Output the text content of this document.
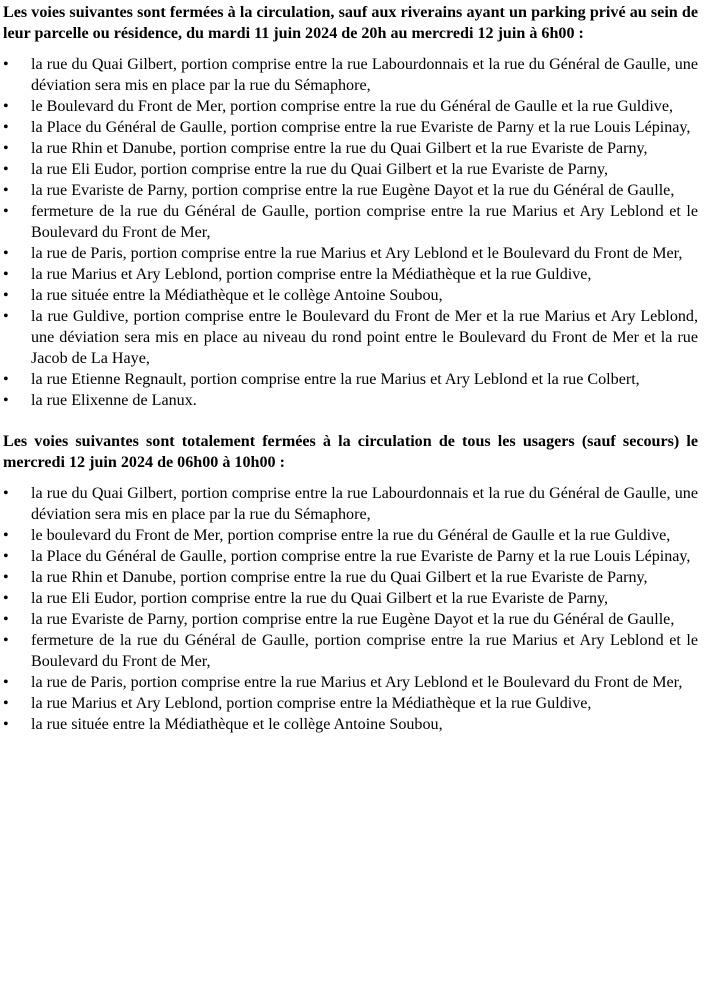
Les voies suivantes sont fermées à la circulation, sauf aux riverains ayant un parking privé au sein de leur parcelle ou résidence, du mardi 11 juin 2024 de 20h au mercredi 12 juin à 6h00 :

•	la rue du Quai Gilbert, portion comprise entre la rue Labourdonnais et la rue du Général de Gaulle, une déviation sera mis en place par la rue du Sémaphore,
•	le Boulevard du Front de Mer, portion comprise entre la rue du Général de Gaulle et la rue Guldive,
•	la Place du Général de Gaulle, portion comprise entre la rue Evariste de Parny et la rue Louis Lépinay,
•	la rue Rhin et Danube, portion comprise entre la rue du Quai Gilbert et la rue Evariste de Parny,
•	la rue Eli Eudor, portion comprise entre la rue du Quai Gilbert et la rue Evariste de Parny,
•	la rue Evariste de Parny, portion comprise entre la rue Eugène Dayot et la rue du Général de Gaulle,
•	fermeture de la rue du Général de Gaulle, portion comprise entre la rue Marius et Ary Leblond et le Boulevard du Front de Mer,
•	la rue de Paris, portion comprise entre la rue Marius et Ary Leblond et le Boulevard du Front de Mer,
•	la rue Marius et Ary Leblond, portion comprise entre la Médiathèque et la rue Guldive,
•	la rue située entre la Médiathèque et le collège Antoine Soubou,
•	la rue Guldive, portion comprise entre le Boulevard du Front de Mer et la rue Marius et Ary Leblond, une déviation sera mis en place au niveau du rond point entre le Boulevard du Front de Mer et la rue Jacob de La Haye,
•	la rue Etienne Regnault, portion comprise entre la rue Marius et Ary Leblond et la rue Colbert,
•	la rue Elixenne de Lanux.

Les voies suivantes sont totalement fermées à la circulation de tous les usagers (sauf secours) le mercredi 12 juin 2024 de 06h00 à 10h00 :

•	la rue du Quai Gilbert, portion comprise entre la rue Labourdonnais et la rue du Général de Gaulle, une déviation sera mis en place par la rue du Sémaphore,
•	le boulevard du Front de Mer, portion comprise entre la rue du Général de Gaulle et la rue Guldive,
•	la Place du Général de Gaulle, portion comprise entre la rue Evariste de Parny et la rue Louis Lépinay,
•	la rue Rhin et Danube, portion comprise entre la rue du Quai Gilbert et la rue Evariste de Parny,
•	la rue Eli Eudor, portion comprise entre la rue du Quai Gilbert et la rue Evariste de Parny,
•	la rue Evariste de Parny, portion comprise entre la rue Eugène Dayot et la rue du Général de Gaulle,
•	fermeture de la rue du Général de Gaulle, portion comprise entre la rue Marius et Ary Leblond et le Boulevard du Front de Mer,
•	la rue de Paris, portion comprise entre la rue Marius et Ary Leblond et le Boulevard du Front de Mer,
•	la rue Marius et Ary Leblond, portion comprise entre la Médiathèque et la rue Guldive,
•	la rue située entre la Médiathèque et le collège Antoine Soubou,
